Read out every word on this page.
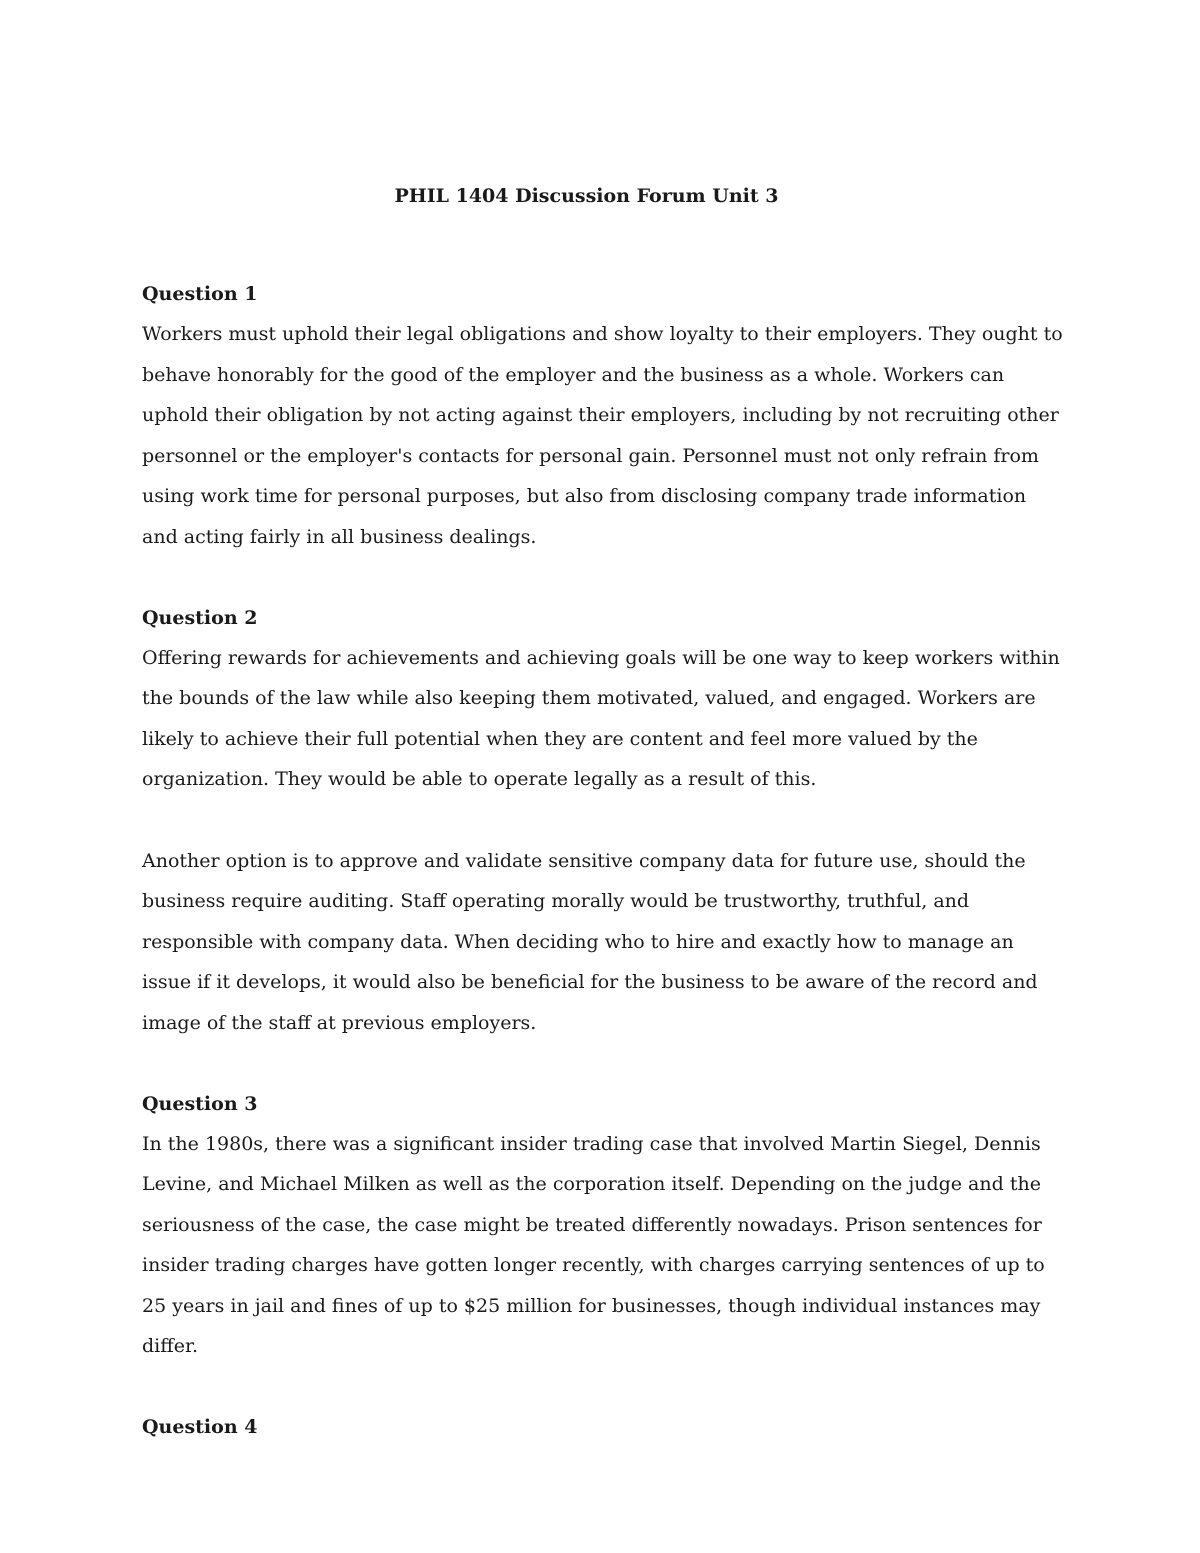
PHIL 1404 Discussion Forum Unit 3
Question 1

Workers must uphold their legal obligations and show loyalty to their employers. They ought to behave honorably for the good of the employer and the business as a whole. Workers can uphold their obligation by not acting against their employers, including by not recruiting other personnel or the employer's contacts for personal gain. Personnel must not only refrain from using work time for personal purposes, but also from disclosing company trade information and acting fairly in all business dealings.

Question 2

Offering rewards for achievements and achieving goals will be one way to keep workers within the bounds of the law while also keeping them motivated, valued, and engaged. Workers are likely to achieve their full potential when they are content and feel more valued by the organization. They would be able to operate legally as a result of this.

Another option is to approve and validate sensitive company data for future use, should the business require auditing. Staff operating morally would be trustworthy, truthful, and responsible with company data. When deciding who to hire and exactly how to manage an issue if it develops, it would also be beneficial for the business to be aware of the record and image of the staff at previous employers.

Question 3

In the 1980s, there was a significant insider trading case that involved Martin Siegel, Dennis Levine, and Michael Milken as well as the corporation itself. Depending on the judge and the seriousness of the case, the case might be treated differently nowadays. Prison sentences for insider trading charges have gotten longer recently, with charges carrying sentences of up to 25 years in jail and fines of up to $25 million for businesses, though individual instances may differ.

Question 4
